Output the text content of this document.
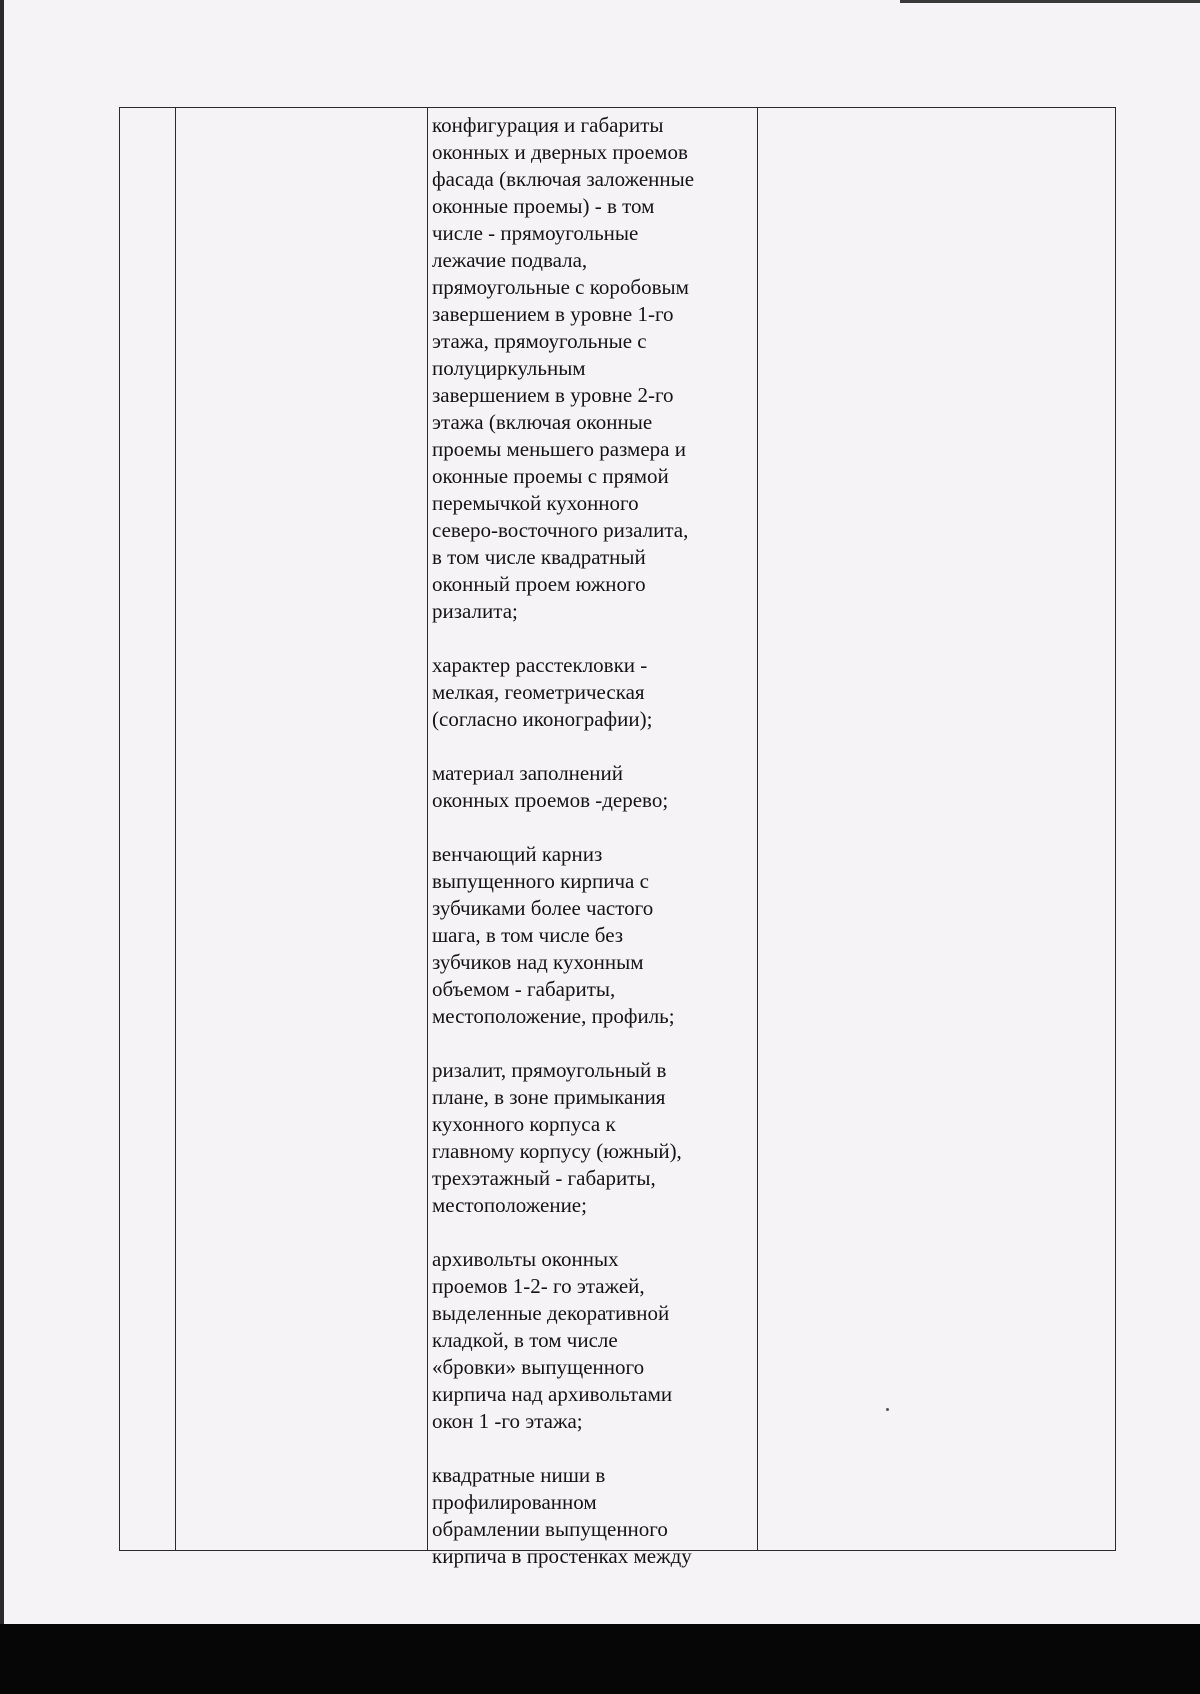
конфигурация и габариты
оконных и дверных проемов
фасада (включая заложенные
оконные проемы) - в том
числе - прямоугольные
лежачие подвала,
прямоугольные с коробовым
завершением в уровне 1-го
этажа, прямоугольные с
полуциркульным
завершением в уровне 2-го
этажа (включая оконные
проемы меньшего размера и
оконные проемы с прямой
перемычкой кухонного
северо-восточного ризалита,
в том числе квадратный
оконный проем южного
ризалита;

характер расстекловки -
мелкая, геометрическая
(согласно иконографии);

материал заполнений
оконных проемов -дерево;

венчающий карниз
выпущенного кирпича с
зубчиками более частого
шага, в том числе без
зубчиков над кухонным
объемом - габариты,
местоположение, профиль;

ризалит, прямоугольный в
плане, в зоне примыкания
кухонного корпуса к
главному корпусу (южный),
трехэтажный - габариты,
местоположение;

архивольты оконных
проемов 1-2- го этажей,
выделенные декоративной
кладкой, в том числе
«бровки» выпущенного
кирпича над архивольтами
окон 1 -го этажа;

квадратные ниши в
профилированном
обрамлении выпущенного
кирпича в простенках между
